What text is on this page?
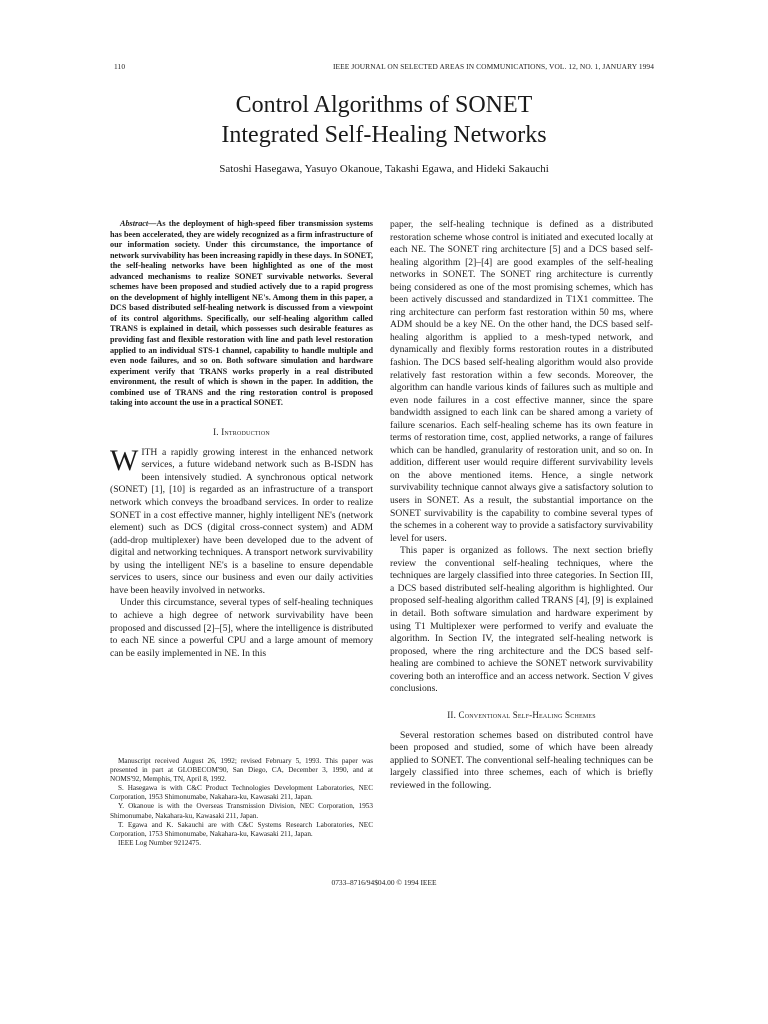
110	IEEE JOURNAL ON SELECTED AREAS IN COMMUNICATIONS, VOL. 12, NO. 1, JANUARY 1994
Control Algorithms of SONET
Integrated Self-Healing Networks
Satoshi Hasegawa, Yasuyo Okanoue, Takashi Egawa, and Hideki Sakauchi

Abstract—As the deployment of high-speed fiber transmission systems has been accelerated, they are widely recognized as a firm infrastructure of our information society. Under this circumstance, the importance of network survivability has been increasing rapidly in these days. In SONET, the self-healing networks have been highlighted as one of the most advanced mechanisms to realize SONET survivable networks. Several schemes have been proposed and studied actively due to a rapid progress on the development of highly intelligent NE's. Among them in this paper, a DCS based distributed self-healing network is discussed from a viewpoint of its control algorithms. Specifically, our self-healing algorithm called TRANS is explained in detail, which possesses such desirable features as providing fast and flexible restoration with line and path level restoration applied to an individual STS-1 channel, capability to handle multiple and even node failures, and so on. Both software simulation and hardware experiment verify that TRANS works properly in a real distributed environment, the result of which is shown in the paper. In addition, the combined use of TRANS and the ring restoration control is proposed taking into account the use in a practical SONET.

I. Introduction

WITH a rapidly growing interest in the enhanced network services, a future wideband network such as B-ISDN has been intensively studied. A synchronous optical network (SONET) [1], [10] is regarded as an infrastructure of a transport network which conveys the broadband services. In order to realize SONET in a cost effective manner, highly intelligent NE's (network element) such as DCS (digital cross-connect system) and ADM (add-drop multiplexer) have been developed due to the advent of digital and networking techniques. A transport network survivability by using the intelligent NE's is a baseline to ensure dependable services to users, since our business and even our daily activities have been heavily involved in networks.

Under this circumstance, several types of self-healing techniques to achieve a high degree of network survivability have been proposed and discussed [2]–[5], where the intelligence is distributed to each NE since a powerful CPU and a large amount of memory can be easily implemented in NE. In this

Manuscript received August 26, 1992; revised February 5, 1993. This paper was presented in part at GLOBECOM'90, San Diego, CA, December 3, 1990, and at NOMS'92, Memphis, TN, April 8, 1992.

S. Hasegawa is with C&C Product Technologies Development Laboratories, NEC Corporation, 1953 Shimonumabe, Nakahara-ku, Kawasaki 211, Japan.

Y. Okanoue is with the Overseas Transmission Division, NEC Corporation, 1953 Shimonumabe, Nakahara-ku, Kawasaki 211, Japan.

T. Egawa and K. Sakauchi are with C&C Systems Research Laboratories, NEC Corporation, 1753 Shimonumabe, Nakahara-ku, Kawasaki 211, Japan.

IEEE Log Number 9212475.

paper, the self-healing technique is defined as a distributed restoration scheme whose control is initiated and executed locally at each NE. The SONET ring architecture [5] and a DCS based self-healing algorithm [2]–[4] are good examples of the self-healing networks in SONET. The SONET ring architecture is currently being considered as one of the most promising schemes, which has been actively discussed and standardized in T1X1 committee. The ring architecture can perform fast restoration within 50 ms, where ADM should be a key NE. On the other hand, the DCS based self-healing algorithm is applied to a mesh-typed network, and dynamically and flexibly forms restoration routes in a distributed fashion. The DCS based self-healing algorithm would also provide relatively fast restoration within a few seconds. Moreover, the algorithm can handle various kinds of failures such as multiple and even node failures in a cost effective manner, since the spare bandwidth assigned to each link can be shared among a variety of failure scenarios. Each self-healing scheme has its own feature in terms of restoration time, cost, applied networks, a range of failures which can be handled, granularity of restoration unit, and so on. In addition, different user would require different survivability levels on the above mentioned items. Hence, a single network survivability technique cannot always give a satisfactory solution to users in SONET. As a result, the substantial importance on the SONET survivability is the capability to combine several types of the schemes in a coherent way to provide a satisfactory survivability level for users.

This paper is organized as follows. The next section briefly review the conventional self-healing techniques, where the techniques are largely classified into three categories. In Section III, a DCS based distributed self-healing algorithm is highlighted. Our proposed self-healing algorithm called TRANS [4], [9] is explained in detail. Both software simulation and hardware experiment by using T1 Multiplexer were performed to verify and evaluate the algorithm. In Section IV, the integrated self-healing network is proposed, where the ring architecture and the DCS based self-healing are combined to achieve the SONET network survivability covering both an interoffice and an access network. Section V gives conclusions.

II. Conventional Self-Healing Schemes

Several restoration schemes based on distributed control have been proposed and studied, some of which have been already applied to SONET. The conventional self-healing techniques can be largely classified into three schemes, each of which is briefly reviewed in the following.

0733–8716/94$04.00 © 1994 IEEE
